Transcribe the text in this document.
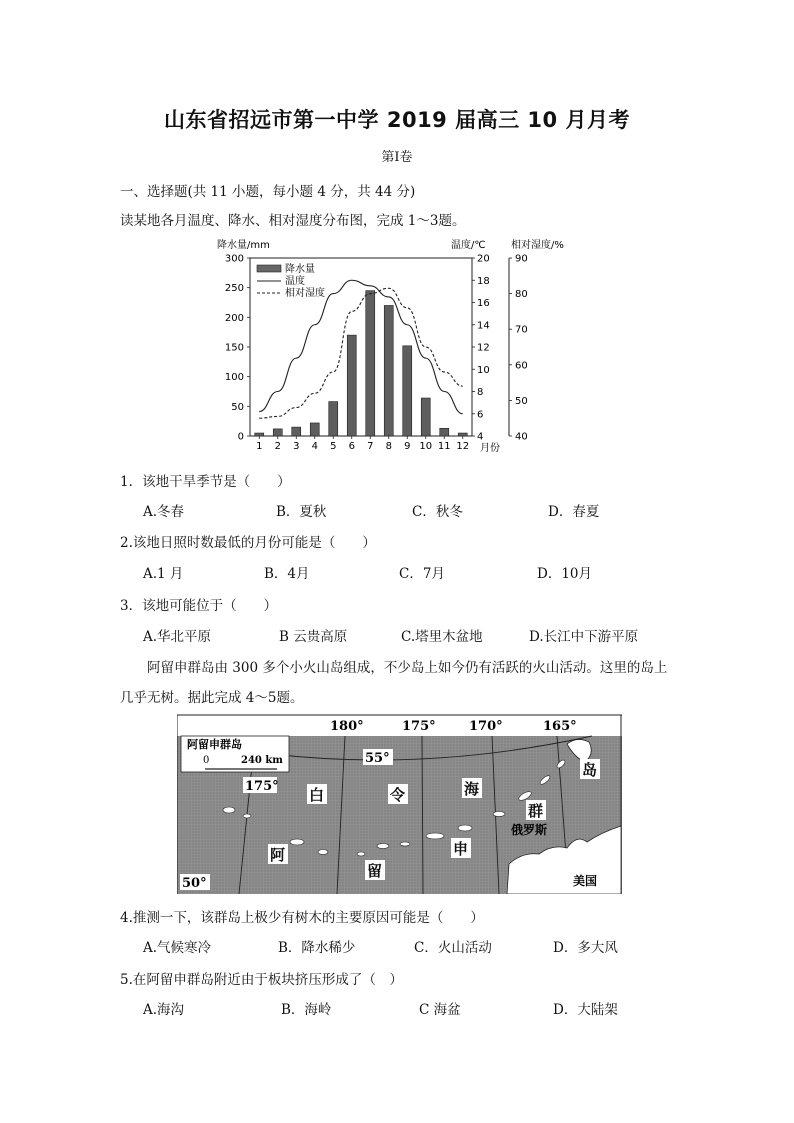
山东省招远市第一中学 2019 届高三 10 月月考
第Ⅰ卷
一、选择题(共 11 小题，每小题 4 分，共 44 分)
读某地各月温度、降水、相对湿度分布图，完成 1～3题。
降水量/mm	温度/℃	相对湿度/%
1 2 3 4 5 6 7 8 9 10 11 12
0
50
100
150
200
250
300
4
6
8
10
12
14
16
18
20
40
50
60
70
80
90
降水量
温度
相对湿度
月份
1．该地干旱季节是（　　）
A.冬春	B．夏秋	C．秋冬	D．春夏
2.该地日照时数最低的月份可能是（　　）
A.1 月	B．4月	C．7月	D．10月
3．该地可能位于（　　）
A.华北平原	B 云贵高原	C.塔里木盆地	D.长江中下游平原
阿留申群岛由 300 多个小火山岛组成，不少岛上如今仍有活跃的火山活动。这里的岛上
几乎无树。据此完成 4～5题。
阿留申群岛
0	240 km
180°	175°	170°	165°
175°
55°
50°
白	令	海
阿
留
申
群
岛
俄罗斯
美国
4.推测一下，该群岛上极少有树木的主要原因可能是（　　）
A.气候寒冷	B．降水稀少	C．火山活动	D．多大风
5.在阿留申群岛附近由于板块挤压形成了（　）
A.海沟	B．海岭	C 海盆	D．大陆架
